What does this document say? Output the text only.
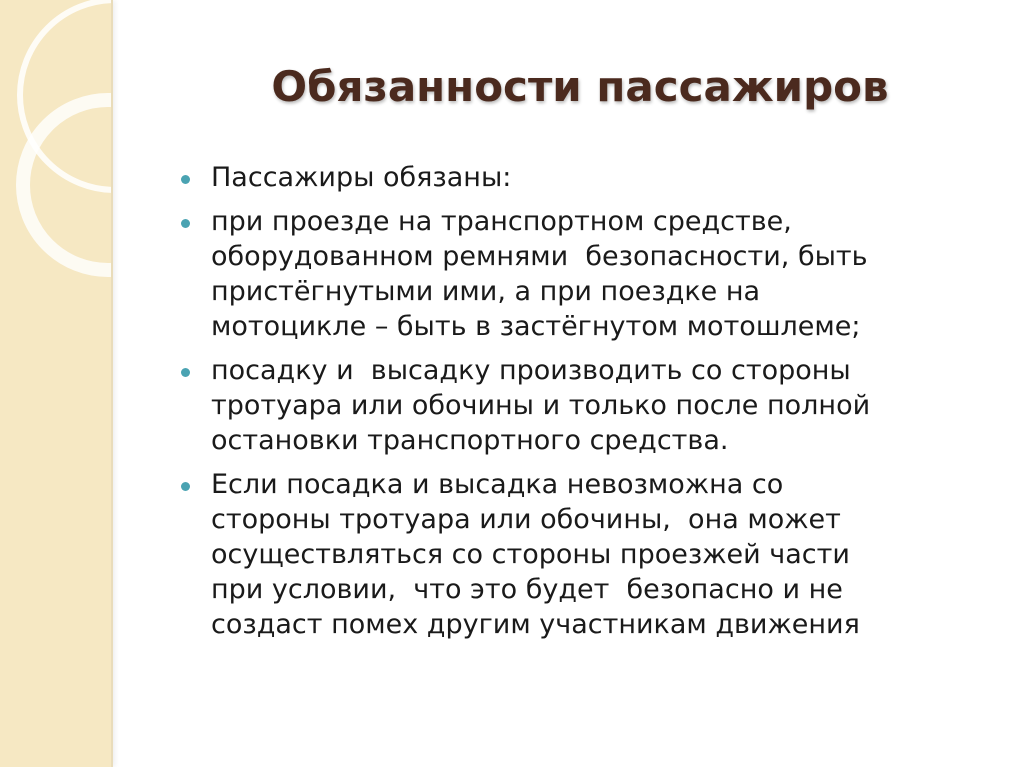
Обязанности пассажиров
Пассажиры обязаны:
при проезде на транспортном средстве,
оборудованном ремнями  безопасности, быть
пристёгнутыми ими, а при поездке на
мотоцикле – быть в застёгнутом мотошлеме;
посадку и  высадку производить со стороны
тротуара или обочины и только после полной
остановки транспортного средства.
Если посадка и высадка невозможна со
стороны тротуара или обочины,  она может
осуществляться со стороны проезжей части
при условии,  что это будет  безопасно и не
создаст помех другим участникам движения
